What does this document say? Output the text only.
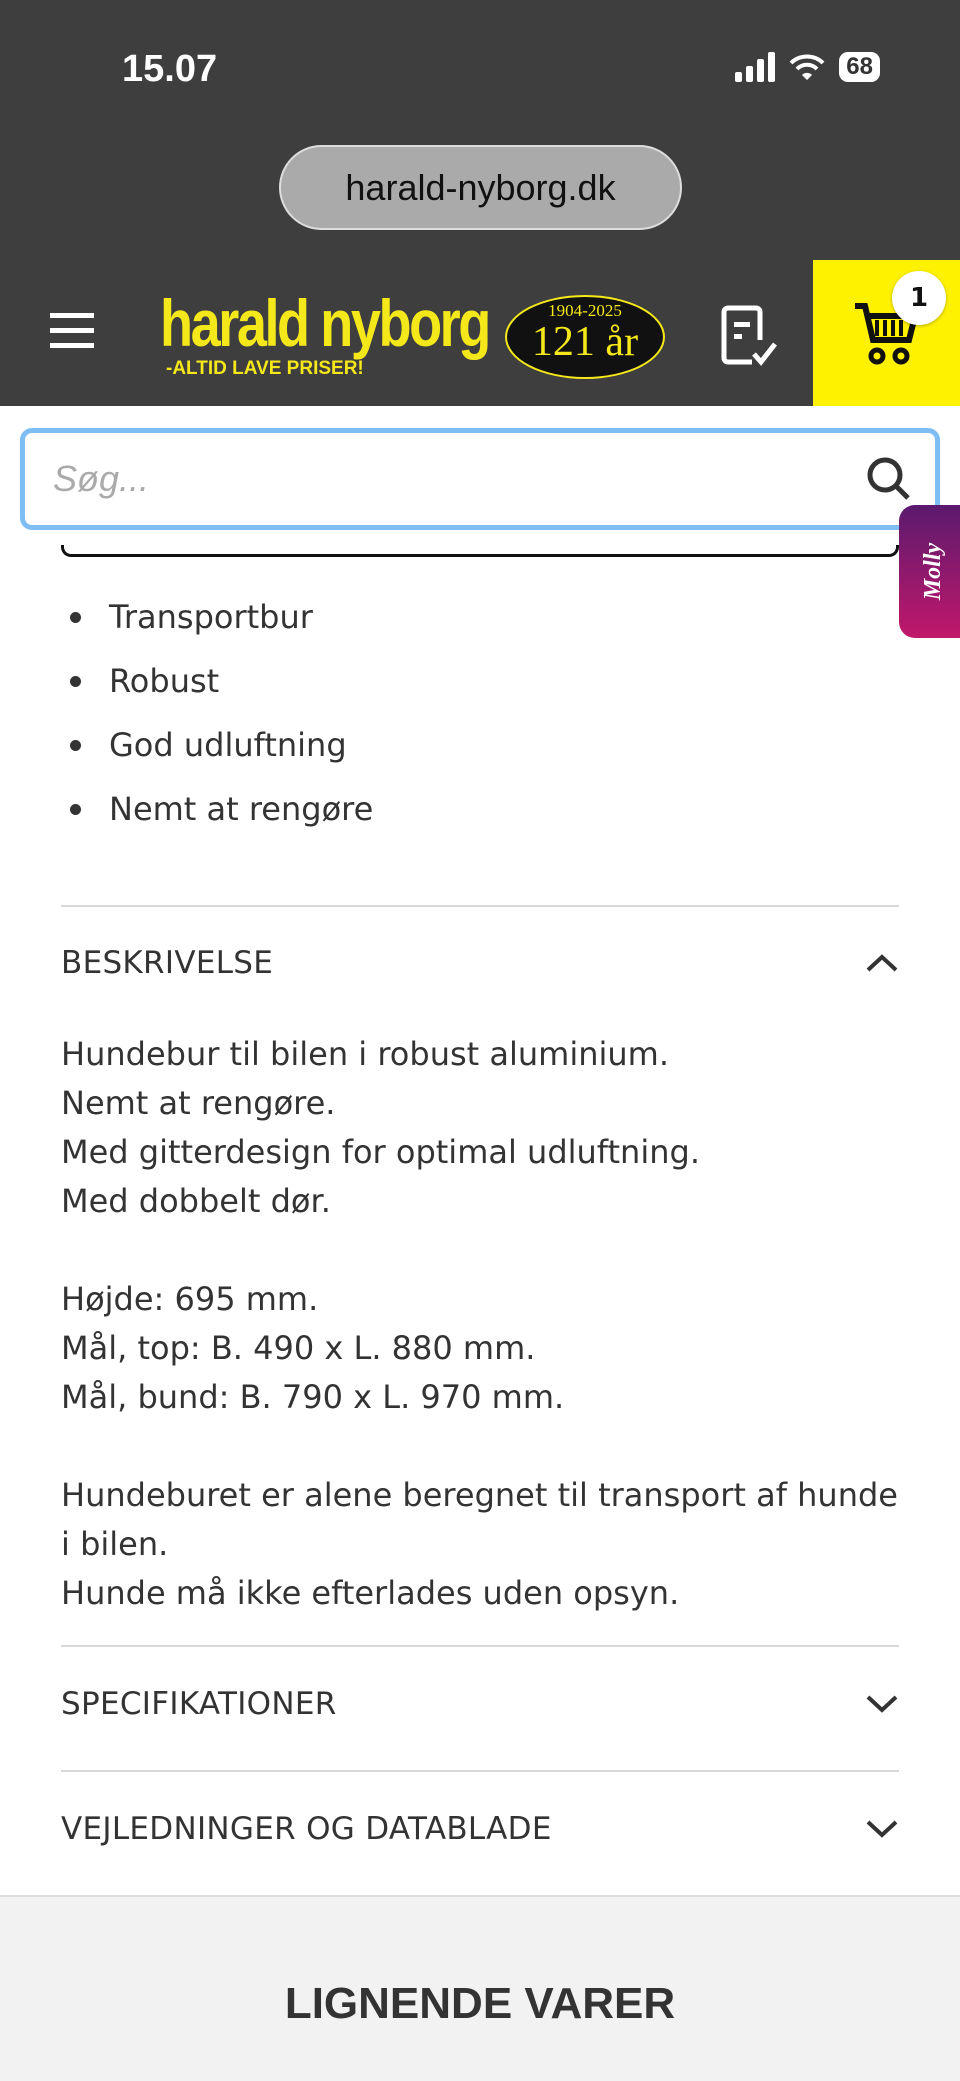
15.07	68
harald-nyborg.dk
harald nyborg
-ALTID LAVE PRISER!
1904-2025
121 år
1
Søg...
Molly
Transportbur
Robust
God udluftning
Nemt at rengøre
BESKRIVELSE

Hundebur til bilen i robust aluminium.

Nemt at rengøre.

Med gitterdesign for optimal udluftning.

Med dobbelt dør.

Højde: 695 mm.

Mål, top: B. 490 x L. 880 mm.

Mål, bund: B. 790 x L. 970 mm.

Hundeburet er alene beregnet til transport af hunde i bilen.

Hunde må ikke efterlades uden opsyn.

SPECIFIKATIONER
VEJLEDNINGER OG DATABLADE
LIGNENDE VARER
